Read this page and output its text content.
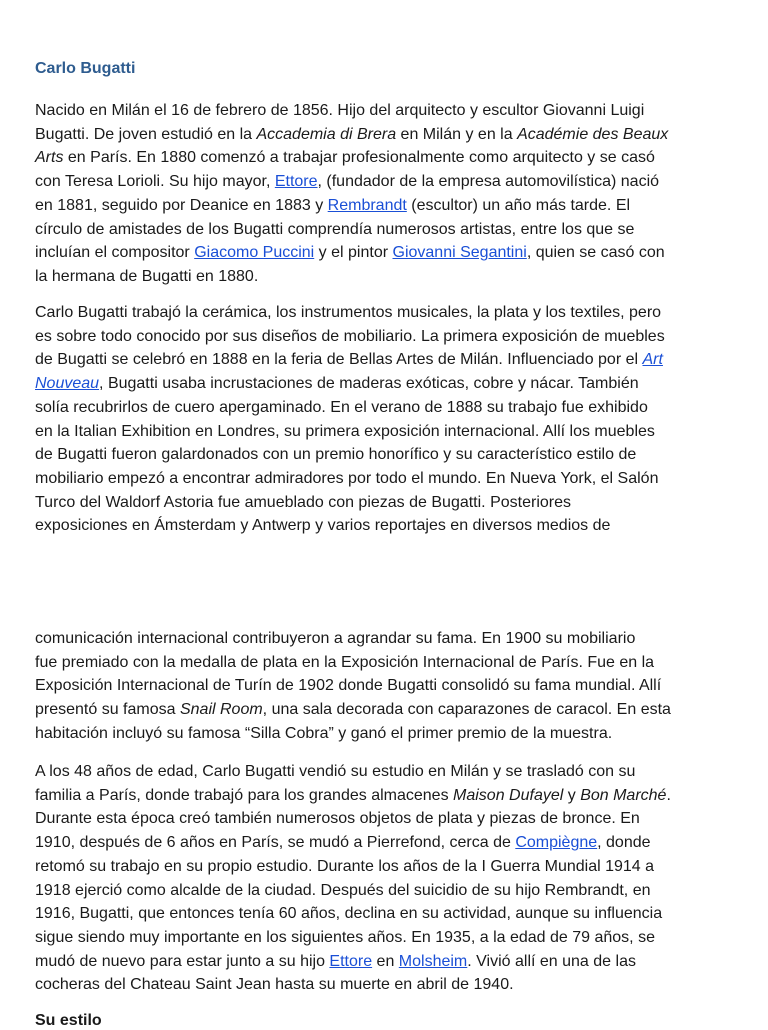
Carlo Bugatti

Nacido en Milán el 16 de febrero de 1856. Hijo del arquitecto y escultor Giovanni Luigi
Bugatti. De joven estudió en la Accademia di Brera en Milán y en la Académie des Beaux
Arts en París. En 1880 comenzó a trabajar profesionalmente como arquitecto y se casó
con Teresa Lorioli. Su hijo mayor, Ettore, (fundador de la empresa automovilística) nació
en 1881, seguido por Deanice en 1883 y Rembrandt (escultor) un año más tarde. El
círculo de amistades de los Bugatti comprendía numerosos artistas, entre los que se
incluían el compositor Giacomo Puccini y el pintor Giovanni Segantini, quien se casó con
la hermana de Bugatti en 1880.

Carlo Bugatti trabajó la cerámica, los instrumentos musicales, la plata y los textiles, pero
es sobre todo conocido por sus diseños de mobiliario. La primera exposición de muebles
de Bugatti se celebró en 1888 en la feria de Bellas Artes de Milán. Influenciado por el Art
Nouveau, Bugatti usaba incrustaciones de maderas exóticas, cobre y nácar. También
solía recubrirlos de cuero apergaminado. En el verano de 1888 su trabajo fue exhibido
en la Italian Exhibition en Londres, su primera exposición internacional. Allí los muebles
de Bugatti fueron galardonados con un premio honorífico y su característico estilo de
mobiliario empezó a encontrar admiradores por todo el mundo. En Nueva York, el Salón
Turco del Waldorf Astoria fue amueblado con piezas de Bugatti. Posteriores
exposiciones en Ámsterdam y Antwerp y varios reportajes en diversos medios de

comunicación internacional contribuyeron a agrandar su fama. En 1900 su mobiliario
fue premiado con la medalla de plata en la Exposición Internacional de París. Fue en la
Exposición Internacional de Turín de 1902 donde Bugatti consolidó su fama mundial. Allí
presentó su famosa Snail Room, una sala decorada con caparazones de caracol. En esta
habitación incluyó su famosa “Silla Cobra” y ganó el primer premio de la muestra.

A los 48 años de edad, Carlo Bugatti vendió su estudio en Milán y se trasladó con su
familia a París, donde trabajó para los grandes almacenes Maison Dufayel y Bon Marché.
Durante esta época creó también numerosos objetos de plata y piezas de bronce. En
1910, después de 6 años en París, se mudó a Pierrefond, cerca de Compiègne, donde
retomó su trabajo en su propio estudio. Durante los años de la I Guerra Mundial 1914 a
1918 ejerció como alcalde de la ciudad. Después del suicidio de su hijo Rembrandt, en
1916, Bugatti, que entonces tenía 60 años, declina en su actividad, aunque su influencia
sigue siendo muy importante en los siguientes años. En 1935, a la edad de 79 años, se
mudó de nuevo para estar junto a su hijo Ettore en Molsheim. Vivió allí en una de las
cocheras del Chateau Saint Jean hasta su muerte en abril de 1940.

Su estilo
